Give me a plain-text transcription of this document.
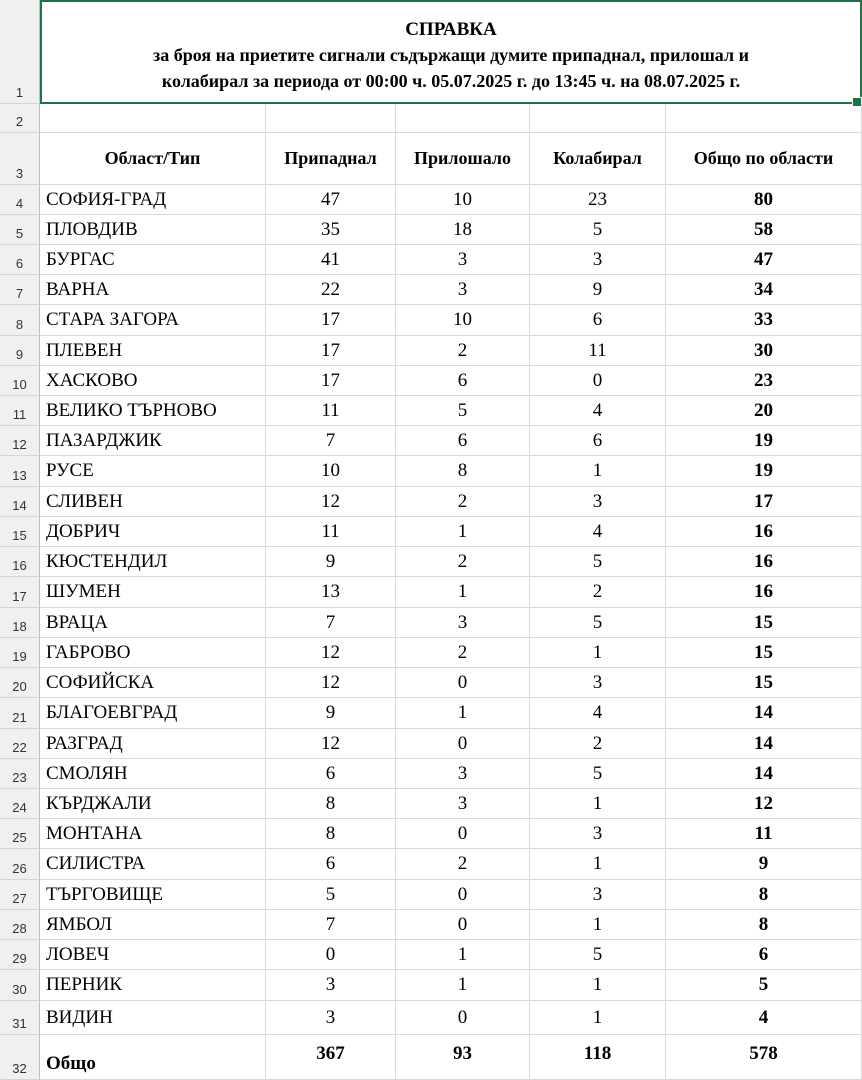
СПРАВКА
за броя на приетите сигнали съдържащи думите припаднал, прилошал и
колабирал за периода от 00:00 ч. 05.07.2025 г. до 13:45 ч. на 08.07.2025 г.
1
2
3
4
5
6
7
8
9
10
11
12
13
14
15
16
17
18
19
20
21
22
23
24
25
26
27
28
29
30
31
32
Област/Тип	Припаднал	Прилошало	Колабирал	Общо по области
СОФИЯ-ГРАД	47	10	23	80
ПЛОВДИВ	35	18	5	58
БУРГАС	41	3	3	47
ВАРНА	22	3	9	34
СТАРА ЗАГОРА	17	10	6	33
ПЛЕВЕН	17	2	11	30
ХАСКОВО	17	6	0	23
ВЕЛИКО ТЪРНОВО	11	5	4	20
ПАЗАРДЖИК	7	6	6	19
РУСЕ	10	8	1	19
СЛИВЕН	12	2	3	17
ДОБРИЧ	11	1	4	16
КЮСТЕНДИЛ	9	2	5	16
ШУМЕН	13	1	2	16
ВРАЦА	7	3	5	15
ГАБРОВО	12	2	1	15
СОФИЙСКА	12	0	3	15
БЛАГОЕВГРАД	9	1	4	14
РАЗГРАД	12	0	2	14
СМОЛЯН	6	3	5	14
КЪРДЖАЛИ	8	3	1	12
МОНТАНА	8	0	3	11
СИЛИСТРА	6	2	1	9
ТЪРГОВИЩЕ	5	0	3	8
ЯМБОЛ	7	0	1	8
ЛОВЕЧ	0	1	5	6
ПЕРНИК	3	1	1	5
ВИДИН	3	0	1	4
Общо	367	93	118	578
